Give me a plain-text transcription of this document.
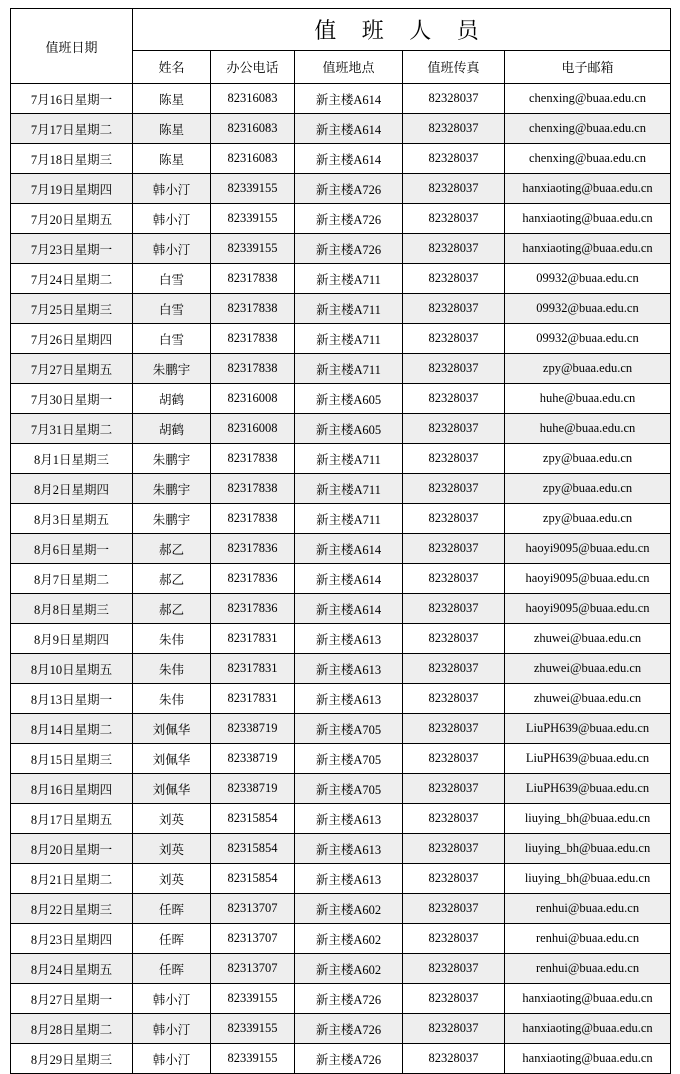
值班日期	值 班 人 员				
	姓名	办公电话	值班地点	值班传真	电子邮箱
7月16日星期一	陈星	82316083	新主楼A614	82328037	chenxing@buaa.edu.cn
7月17日星期二	陈星	82316083	新主楼A614	82328037	chenxing@buaa.edu.cn
7月18日星期三	陈星	82316083	新主楼A614	82328037	chenxing@buaa.edu.cn
7月19日星期四	韩小汀	82339155	新主楼A726	82328037	hanxiaoting@buaa.edu.cn
7月20日星期五	韩小汀	82339155	新主楼A726	82328037	hanxiaoting@buaa.edu.cn
7月23日星期一	韩小汀	82339155	新主楼A726	82328037	hanxiaoting@buaa.edu.cn
7月24日星期二	白雪	82317838	新主楼A711	82328037	09932@buaa.edu.cn
7月25日星期三	白雪	82317838	新主楼A711	82328037	09932@buaa.edu.cn
7月26日星期四	白雪	82317838	新主楼A711	82328037	09932@buaa.edu.cn
7月27日星期五	朱鹏宇	82317838	新主楼A711	82328037	zpy@buaa.edu.cn
7月30日星期一	胡鹤	82316008	新主楼A605	82328037	huhe@buaa.edu.cn
7月31日星期二	胡鹤	82316008	新主楼A605	82328037	huhe@buaa.edu.cn
8月1日星期三	朱鹏宇	82317838	新主楼A711	82328037	zpy@buaa.edu.cn
8月2日星期四	朱鹏宇	82317838	新主楼A711	82328037	zpy@buaa.edu.cn
8月3日星期五	朱鹏宇	82317838	新主楼A711	82328037	zpy@buaa.edu.cn
8月6日星期一	郝乙	82317836	新主楼A614	82328037	haoyi9095@buaa.edu.cn
8月7日星期二	郝乙	82317836	新主楼A614	82328037	haoyi9095@buaa.edu.cn
8月8日星期三	郝乙	82317836	新主楼A614	82328037	haoyi9095@buaa.edu.cn
8月9日星期四	朱伟	82317831	新主楼A613	82328037	zhuwei@buaa.edu.cn
8月10日星期五	朱伟	82317831	新主楼A613	82328037	zhuwei@buaa.edu.cn
8月13日星期一	朱伟	82317831	新主楼A613	82328037	zhuwei@buaa.edu.cn
8月14日星期二	刘佩华	82338719	新主楼A705	82328037	LiuPH639@buaa.edu.cn
8月15日星期三	刘佩华	82338719	新主楼A705	82328037	LiuPH639@buaa.edu.cn
8月16日星期四	刘佩华	82338719	新主楼A705	82328037	LiuPH639@buaa.edu.cn
8月17日星期五	刘英	82315854	新主楼A613	82328037	liuying_bh@buaa.edu.cn
8月20日星期一	刘英	82315854	新主楼A613	82328037	liuying_bh@buaa.edu.cn
8月21日星期二	刘英	82315854	新主楼A613	82328037	liuying_bh@buaa.edu.cn
8月22日星期三	任晖	82313707	新主楼A602	82328037	renhui@buaa.edu.cn
8月23日星期四	任晖	82313707	新主楼A602	82328037	renhui@buaa.edu.cn
8月24日星期五	任晖	82313707	新主楼A602	82328037	renhui@buaa.edu.cn
8月27日星期一	韩小汀	82339155	新主楼A726	82328037	hanxiaoting@buaa.edu.cn
8月28日星期二	韩小汀	82339155	新主楼A726	82328037	hanxiaoting@buaa.edu.cn
8月29日星期三	韩小汀	82339155	新主楼A726	82328037	hanxiaoting@buaa.edu.cn
